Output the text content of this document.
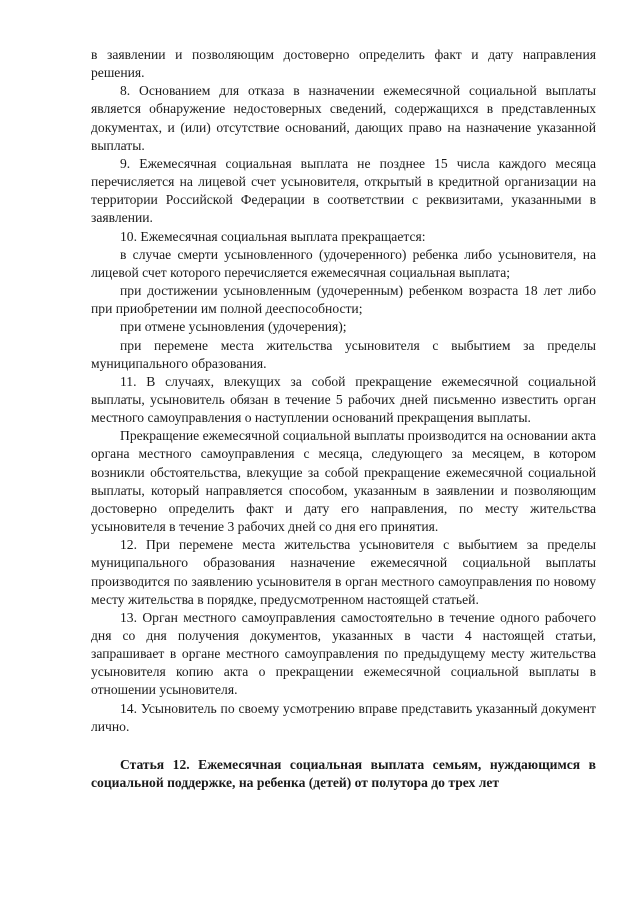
в заявлении и позволяющим достоверно определить факт и дату направления решения.

8. Основанием для отказа в назначении ежемесячной социальной выплаты является обнаружение недостоверных сведений, содержащихся в представленных документах, и (или) отсутствие оснований, дающих право на назначение указанной выплаты.

9. Ежемесячная социальная выплата не позднее 15 числа каждого месяца перечисляется на лицевой счет усыновителя, открытый в кредитной организации на территории Российской Федерации в соответствии с реквизитами, указанными в заявлении.

10. Ежемесячная социальная выплата прекращается:

в случае смерти усыновленного (удочеренного) ребенка либо усыновителя, на лицевой счет которого перечисляется ежемесячная социальная выплата;

при достижении усыновленным (удочеренным) ребенком возраста 18 лет либо при приобретении им полной дееспособности;

при отмене усыновления (удочерения);

при перемене места жительства усыновителя с выбытием за пределы муниципального образования.

11. В случаях, влекущих за собой прекращение ежемесячной социальной выплаты, усыновитель обязан в течение 5 рабочих дней письменно известить орган местного самоуправления о наступлении оснований прекращения выплаты.

Прекращение ежемесячной социальной выплаты производится на основании акта органа местного самоуправления с месяца, следующего за месяцем, в котором возникли обстоятельства, влекущие за собой прекращение ежемесячной социальной выплаты, который направляется способом, указанным в заявлении и позволяющим достоверно определить факт и дату его направления, по месту жительства усыновителя в течение 3 рабочих дней со дня его принятия.

12. При перемене места жительства усыновителя с выбытием за пределы муниципального образования назначение ежемесячной социальной выплаты производится по заявлению усыновителя в орган местного самоуправления по новому месту жительства в порядке, предусмотренном настоящей статьей.

13. Орган местного самоуправления самостоятельно в течение одного рабочего дня со дня получения документов, указанных в части 4 настоящей статьи, запрашивает в органе местного самоуправления по предыдущему месту жительства усыновителя копию акта о прекращении ежемесячной социальной выплаты в отношении усыновителя.

14. Усыновитель по своему усмотрению вправе представить указанный документ лично.

Статья 12. Ежемесячная социальная выплата семьям, нуждающимся в социальной поддержке, на ребенка (детей) от полутора до трех лет
